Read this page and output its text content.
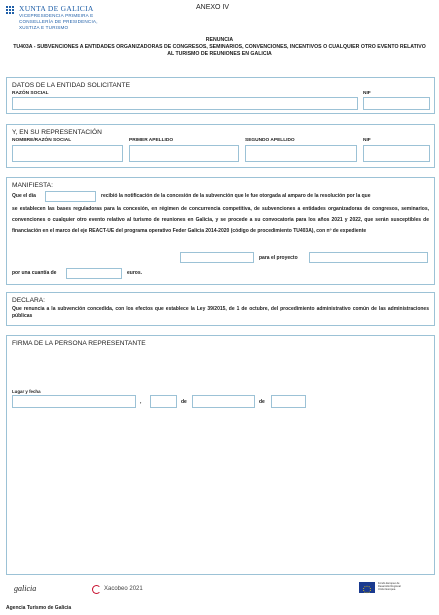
XUNTA DE GALICIA
VICEPRESIDENCIA PRIMEIRA E
CONSELLERÍA DE PRESIDENCIA,
XUSTIZA E TURISMO
ANEXO IV
RENUNCIA
TU403A - SUBVENCIONES A ENTIDADES ORGANIZADORAS DE CONGRESOS, SEMINARIOS, CONVENCIONES, INCENTIVOS O CUALQUIER OTRO EVENTO RELATIVO AL TURISMO DE REUNIONES EN GALICIA
DATOS DE LA ENTIDAD SOLICITANTE
RAZÓN SOCIAL	NIF
Y, EN SU REPRESENTACIÓN
NOMBRE/RAZÓN SOCIAL	PRIMER APELLIDO	SEGUNDO APELLIDO	NIF
MANIFIESTA:
Que el día	recibió la notificación de la concesión de la subvención que le fue otorgada al amparo de la resolución por la que
se establecen las bases reguladoras para la concesión, en régimen de concurrencia competitiva, de subvenciones a entidades organizadoras de congresos, seminarios, convenciones o cualquier otro evento relativo al turismo de reuniones en Galicia, y se procede a su convocatoria para los años 2021 y 2022, que serán susceptibles de financiación en el marco del eje REACT-UE del programa operativo Feder Galicia 2014-2020 (código de procedimiento TU403A), con nº de expediente
para el proyecto
por una cuantía de	euros.
DECLARA:
Que renuncia a la subvención concedida, con los efectos que establece la Ley 39/2015, de 1 de octubre, del procedimiento administrativo común de las administraciones públicas
FIRMA DE LA PERSONA REPRESENTANTE
Lugar y fecha
,	de	de
galicia	Xacobeo 2021
Fondo Europeo de
Desarrollo Regional
Unión Europea
Agencia Turismo de Galicia
